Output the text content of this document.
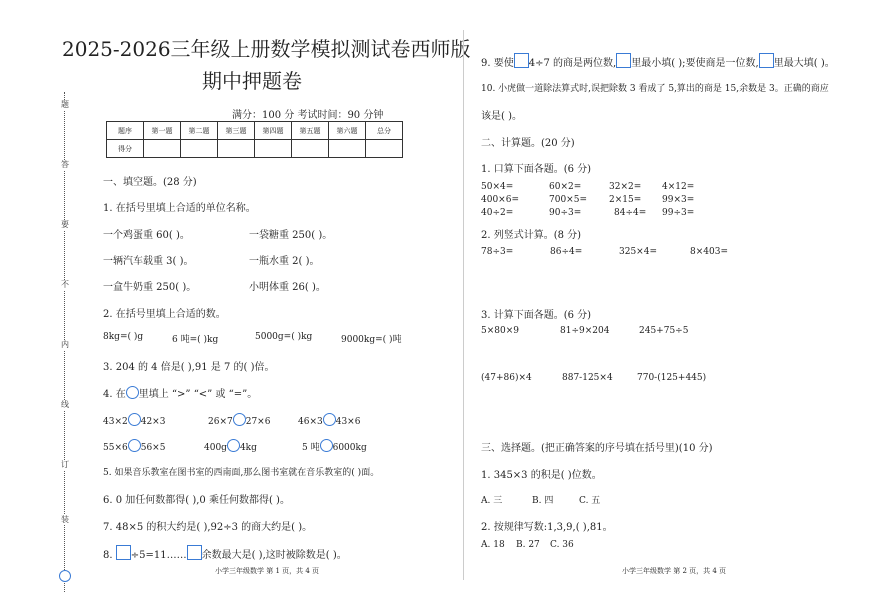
题
答
要
不
内
线
订
装
2025-2026三年级上册数学模拟测试卷西师版
期中押题卷
满分：100 分 考试时间：90 分钟
题序	第一题	第二题	第三题	第四题	第五题	第六题	总分
得分							
一、填空题。(28 分)
1. 在括号里填上合适的单位名称。
一个鸡蛋重 60( )。	一袋糖重 250( )。
一辆汽车载重 3( )。	一瓶水重 2( )。
一盒牛奶重 250( )。	小明体重 26( )。
2. 在括号里填上合适的数。
8kg=( )g	6 吨=( )kg	5000g=( )kg	9000kg=( )吨
3. 204 的 4 倍是( ),91 是 7 的( )倍。
4. 在 里填上 “>” “<” 或 “=”。
43×2 42×3	26×7 27×6	46×3 43×6
55×6 56×5	400g 4kg	5 吨 6000kg
5. 如果音乐教室在图书室的西南面,那么图书室就在音乐教室的( )面。
6. 0 加任何数都得( ),0 乘任何数都得( )。
7. 48×5 的积大约是( ),92÷3 的商大约是( )。
8. ÷5=11…… 余数最大是( ),这时被除数是( )。
小学三年级数学 第 1 页，共 4 页
9. 要使 4÷7 的商是两位数, 里最小填( );要使商是一位数, 里最大填( )。
10. 小虎做一道除法算式时,误把除数 3 看成了 5,算出的商是 15,余数是 3。正确的商应
该是( )。
二、计算题。(20 分)
1. 口算下面各题。(6 分)
50×4=	60×2=	32×2= 4×12=
400×6=	700×5= 2×15= 99×3=
40÷2=	90÷3=	84÷4= 99÷3=
2. 列竖式计算。(8 分)
78÷3=	86÷4=	325×4=	8×403=
3. 计算下面各题。(6 分)
5×80×9	81÷9×204	245+75÷5
(47+86)×4	887-125×4	770-(125+445)
三、选择题。(把正确答案的序号填在括号里)(10 分)
1. 345×3 的积是( )位数。
A. 三	B. 四	C. 五
2. 按规律写数:1,3,9,( ),81。
A. 18 B. 27 C. 36
小学三年级数学 第 2 页，共 4 页
